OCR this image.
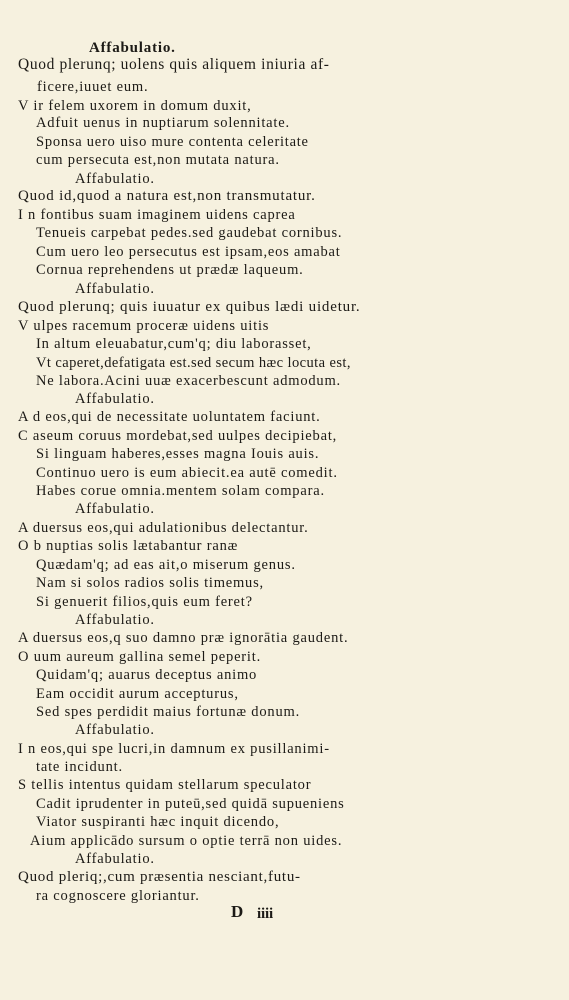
Affabulatio.
Quod plerunq; uolens quis aliquem iniuria af-
ficere,iuuet eum.
V ir felem uxorem in domum duxit,
Adfuit uenus in nuptiarum solennitate.
Sponsa uero uiso mure contenta celeritate
cum persecuta est,non mutata natura.
Affabulatio.
Quod id,quod a natura est,non transmutatur.
I n fontibus suam imaginem uidens caprea
Tenueis carpebat pedes.sed gaudebat cornibus.
Cum uero leo persecutus est ipsam,eos amabat
Cornua reprehendens ut prædæ laqueum.
Affabulatio.
Quod plerunq; quis iuuatur ex quibus lædi uidetur.
V ulpes racemum proceræ uidens uitis
In altum eleuabatur,cum'q; diu laborasset,
Vt caperet,defatigata est.sed secum hæc locuta est,
Ne labora.Acini uuæ exacerbescunt admodum.
Affabulatio.
A d eos,qui de necessitate uoluntatem faciunt.
C aseum coruus mordebat,sed uulpes decipiebat,
Si linguam haberes,esses magna Iouis auis.
Continuo uero is eum abiecit.ea autē comedit.
Habes corue omnia.mentem solam compara.
Affabulatio.
A duersus eos,qui adulationibus delectantur.
O b nuptias solis lætabantur ranæ
Quædam'q; ad eas ait,o miserum genus.
Nam si solos radios solis timemus,
Si genuerit filios,quis eum feret?
Affabulatio.
A duersus eos,q suo damno præ ignorātia gaudent.
O uum aureum gallina semel peperit.
Quidam'q; auarus deceptus animo
Eam occidit aurum accepturus,
Sed spes perdidit maius fortunæ donum.
Affabulatio.
I n eos,qui spe lucri,in damnum ex pusillanimi-
tate incidunt.
S tellis intentus quidam stellarum speculator
Cadit iprudenter in puteū,sed quidā supueniens
Viator suspiranti hæc inquit dicendo,
Aium applicādo sursum o optie terrā non uides.
Affabulatio.
Quod pleriq;,cum præsentia nesciant,futu-
ra cognoscere gloriantur.
D iiii
